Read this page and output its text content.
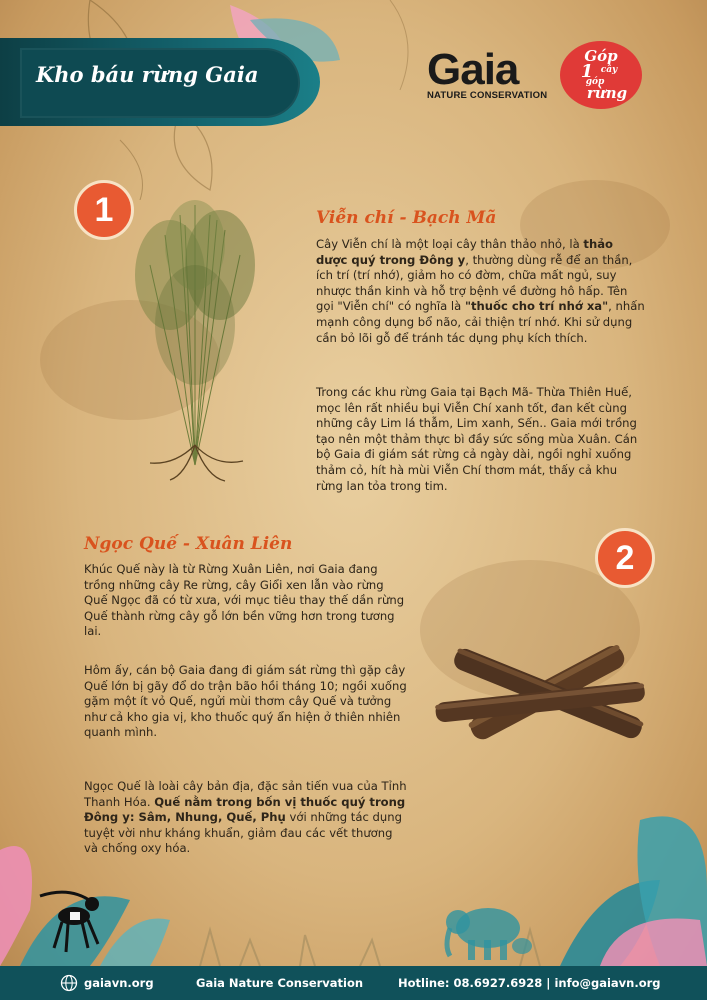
Kho báu rừng Gaia	Gaia
NATURE CONSERVATION
Góp
1 cây
góp
rừng
1	Viễn chí - Bạch Mã

Cây Viễn chí là một loại cây thân thảo nhỏ, là thảo dược quý trong Đông y, thường dùng rễ để an thần, ích trí (trí nhớ), giảm ho có đờm, chữa mất ngủ, suy nhược thần kinh và hỗ trợ bệnh về đường hô hấp. Tên gọi "Viễn chí" có nghĩa là "thuốc cho trí nhớ xa", nhấn mạnh công dụng bổ não, cải thiện trí nhớ. Khi sử dụng cần bỏ lõi gỗ để tránh tác dụng phụ kích thích.

Trong các khu rừng Gaia tại Bạch Mã- Thừa Thiên Huế, mọc lên rất nhiều bụi Viễn Chí xanh tốt, đan kết cùng những cây Lim lá thẫm, Lim xanh, Sến.. Gaia mới trồng tạo nên một thảm thực bì đầy sức sống mùa Xuân. Cán bộ Gaia đi giám sát rừng cả ngày dài, ngồi nghỉ xuống thảm cỏ, hít hà mùi Viễn Chí thơm mát, thấy cả khu rừng lan tỏa trong tim.

Ngọc Quế - Xuân Liên	2

Khúc Quế này là từ Rừng Xuân Liên, nơi Gaia đang trồng những cây Re rừng, cây Giổi xen lẫn vào rừng Quế Ngọc đã có từ xưa, với mục tiêu thay thế dần rừng Quế thành rừng cây gỗ lớn bền vững hơn trong tương lai.

Hôm ấy, cán bộ Gaia đang đi giám sát rừng thì gặp cây Quế lớn bị gãy đổ do trận bão hồi tháng 10; ngồi xuống gặm một ít vỏ Quế, ngửi mùi thơm cây Quế và tưởng như cả kho gia vị, kho thuốc quý ẩn hiện ở thiên nhiên quanh mình.

Ngọc Quế là loài cây bản địa, đặc sản tiến vua của Tỉnh Thanh Hóa. Quế nằm trong bốn vị thuốc quý trong Đông y: Sâm, Nhung, Quế, Phụ với những tác dụng tuyệt vời như kháng khuẩn, giảm đau các vết thương và chống oxy hóa.

gaiavn.org	Gaia Nature Conservation	Hotline: 08.6927.6928 | info@gaiavn.org
